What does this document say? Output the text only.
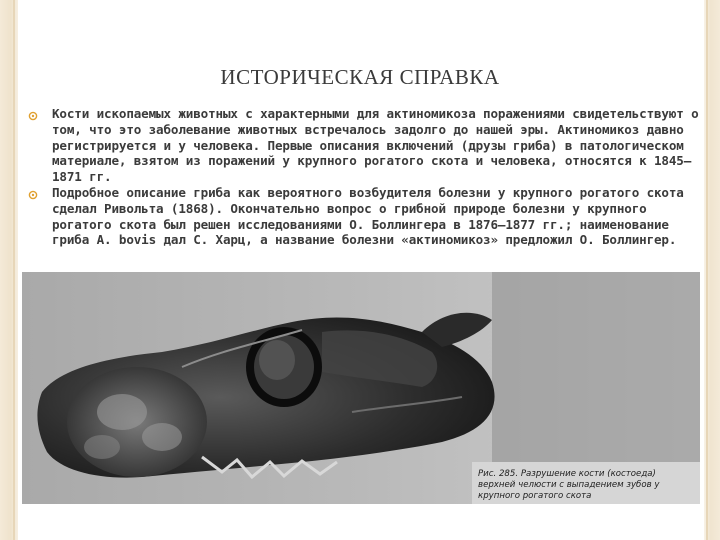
ИСТОРИЧЕСКАЯ СПРАВКА
Рис. 285. Разрушение кости (костоеда) верхней челюсти с выпадением зубов у крупного рогатого скота
Кости ископаемых животных с характерными для актиномикоза поражениями свидетельствуют о том, что это заболевание животных встречалось задолго до нашей эры. Актиномикоз давно регистрируется и у человека. Первые описания включений (друзы гриба) в патологическом материале, взятом из поражений у крупного рогатого скота и человека, относятся к 1845–1871 гг.
Подробное описание гриба как вероятного возбудителя болезни у крупного рогатого скота сделал Ривольта (1868). Окончательно вопрос о грибной природе болезни у крупного рогатого скота был решен исследованиями О. Боллингера в 1876–1877 гг.; наименование гриба A. bovis дал С. Харц, а название болезни «актиномикоз» предложил О. Боллингер.
